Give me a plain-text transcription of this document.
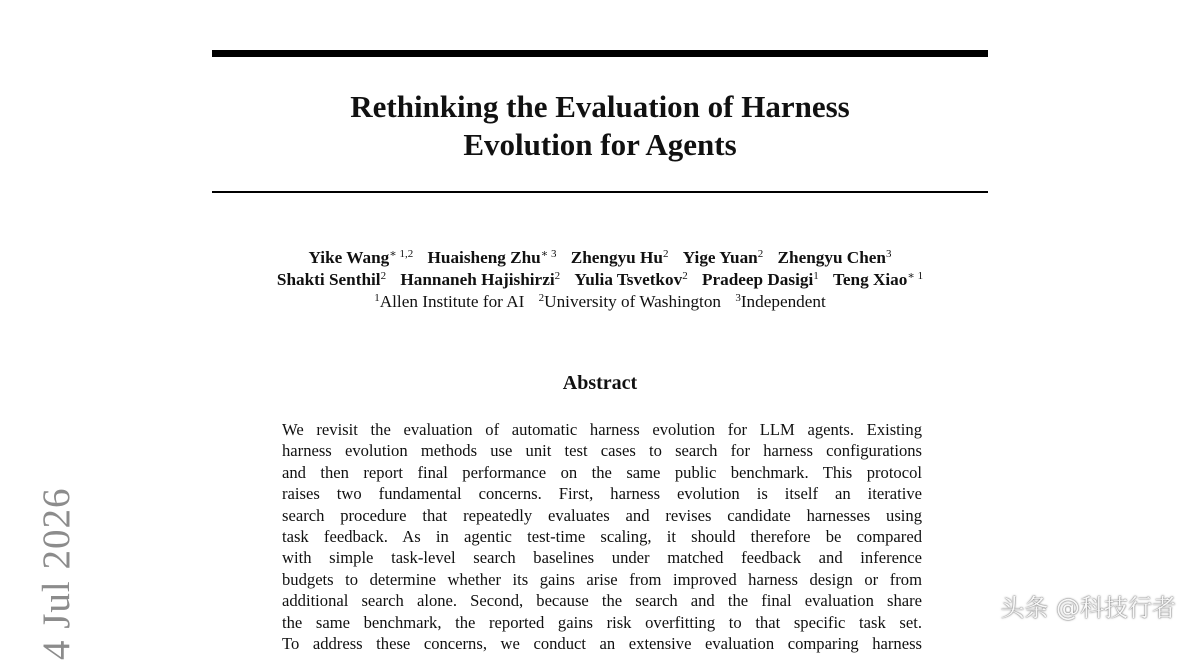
Rethinking the Evaluation of Harness
Evolution for Agents
Yike Wang$^{∗ 1,2}$ Huaisheng Zhu$^{∗ 3}$ Zhengyu Hu$^2$ Yige Yuan$^2$ Zhengyu Chen$^3$
Shakti Senthil$^2$ Hannaneh Hajishirzi$^2$ Yulia Tsvetkov$^2$ Pradeep Dasigi$^1$ Teng Xiao$^{∗ 1}$
$^1$Allen Institute for AI $^2$University of Washington $^3$Independent
Abstract
We revisit the evaluation of automatic harness evolution for LLM agents. Existing
harness evolution methods use unit test cases to search for harness configurations
and then report final performance on the same public benchmark. This protocol
raises two fundamental concerns. First, harness evolution is itself an iterative
search procedure that repeatedly evaluates and revises candidate harnesses using
task feedback. As in agentic test-time scaling, it should therefore be compared
with simple task-level search baselines under matched feedback and inference
budgets to determine whether its gains arise from improved harness design or from
additional search alone. Second, because the search and the final evaluation share
the same benchmark, the reported gains risk overfitting to that specific task set.
To address these concerns, we conduct an extensive evaluation comparing harness
4 Jul 2026	头条 @科技行者
